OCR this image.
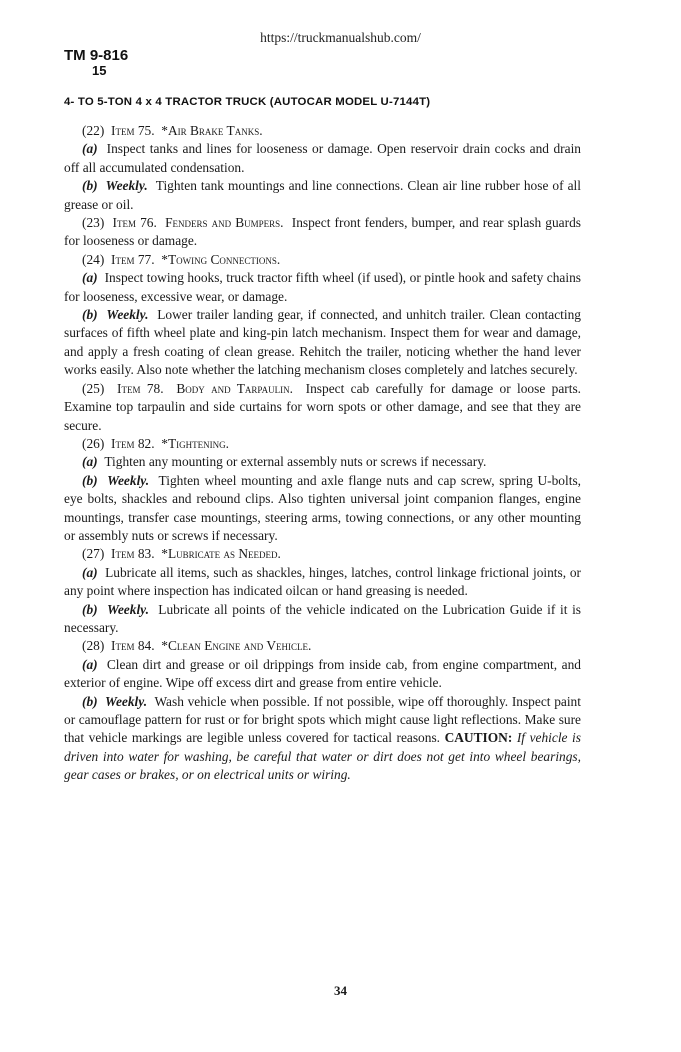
https://truckmanualshub.com/
TM 9-816
15
4- TO 5-TON 4 x 4 TRACTOR TRUCK (AUTOCAR MODEL U-7144T)

(22) Item 75. *Air Brake Tanks.

(a) Inspect tanks and lines for looseness or damage. Open reservoir drain cocks and drain off all accumulated condensation.

(b) Weekly. Tighten tank mountings and line connections. Clean air line rubber hose of all grease or oil.

(23) Item 76. Fenders and Bumpers. Inspect front fenders, bumper, and rear splash guards for looseness or damage.

(24) Item 77. *Towing Connections.

(a) Inspect towing hooks, truck tractor fifth wheel (if used), or pintle hook and safety chains for looseness, excessive wear, or damage.

(b) Weekly. Lower trailer landing gear, if connected, and unhitch trailer. Clean contacting surfaces of fifth wheel plate and king-pin latch mechanism. Inspect them for wear and damage, and apply a fresh coating of clean grease. Rehitch the trailer, noticing whether the hand lever works easily. Also note whether the latching mechanism closes completely and latches securely.

(25) Item 78. Body and Tarpaulin. Inspect cab carefully for damage or loose parts. Examine top tarpaulin and side curtains for worn spots or other damage, and see that they are secure.

(26) Item 82. *Tightening.

(a) Tighten any mounting or external assembly nuts or screws if necessary.

(b) Weekly. Tighten wheel mounting and axle flange nuts and cap screw, spring U-bolts, eye bolts, shackles and rebound clips. Also tighten universal joint companion flanges, engine mountings, transfer case mountings, steering arms, towing connections, or any other mounting or assembly nuts or screws if necessary.

(27) Item 83. *Lubricate as Needed.

(a) Lubricate all items, such as shackles, hinges, latches, control linkage frictional joints, or any point where inspection has indicated oilcan or hand greasing is needed.

(b) Weekly. Lubricate all points of the vehicle indicated on the Lubrication Guide if it is necessary.

(28) Item 84. *Clean Engine and Vehicle.

(a) Clean dirt and grease or oil drippings from inside cab, from engine compartment, and exterior of engine. Wipe off excess dirt and grease from entire vehicle.

(b) Weekly. Wash vehicle when possible. If not possible, wipe off thoroughly. Inspect paint or camouflage pattern for rust or for bright spots which might cause light reflections. Make sure that vehicle markings are legible unless covered for tactical reasons. CAUTION: If vehicle is driven into water for washing, be careful that water or dirt does not get into wheel bearings, gear cases or brakes, or on electrical units or wiring.

34
